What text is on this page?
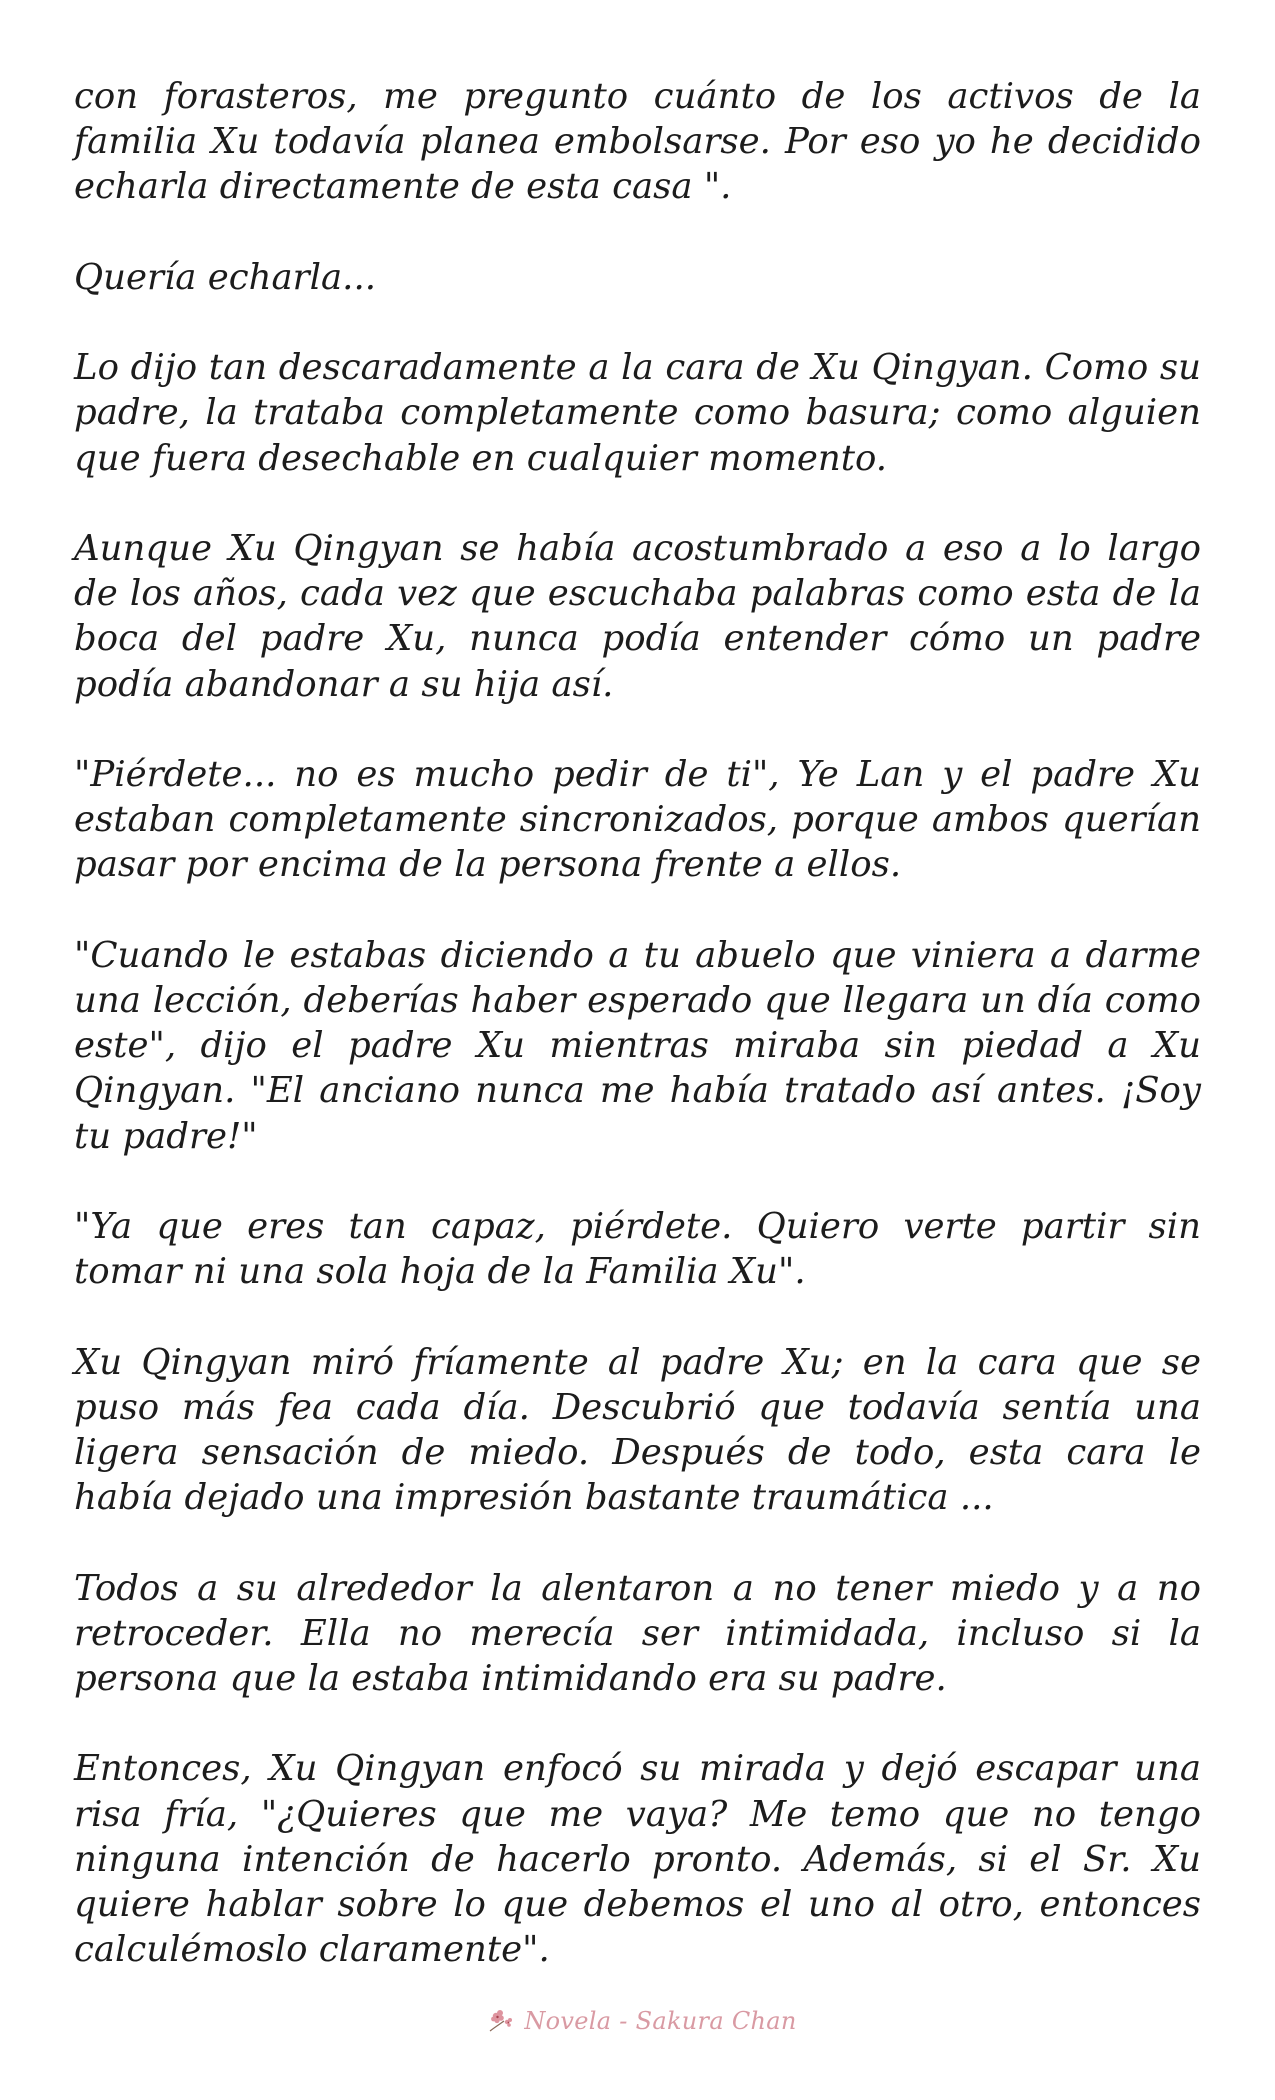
con forasteros, me pregunto cuánto de los activos de la familia Xu todavía planea embolsarse. Por eso yo he decidido echarla directamente de esta casa ".

Quería echarla...

Lo dijo tan descaradamente a la cara de Xu Qingyan. Como su padre, la trataba completamente como basura; como alguien que fuera desechable en cualquier momento.

Aunque Xu Qingyan se había acostumbrado a eso a lo largo de los años, cada vez que escuchaba palabras como esta de la boca del padre Xu, nunca podía entender cómo un padre podía abandonar a su hija así.

"Piérdete... no es mucho pedir de ti", Ye Lan y el padre Xu estaban completamente sincronizados, porque ambos querían pasar por encima de la persona frente a ellos.

"Cuando le estabas diciendo a tu abuelo que viniera a darme una lección, deberías haber esperado que llegara un día como este", dijo el padre Xu mientras miraba sin piedad a Xu Qingyan. "El anciano nunca me había tratado así antes. ¡Soy tu padre!"

"Ya que eres tan capaz, piérdete. Quiero verte partir sin tomar ni una sola hoja de la Familia Xu".

Xu Qingyan miró fríamente al padre Xu; en la cara que se puso más fea cada día. Descubrió que todavía sentía una ligera sensación de miedo. Después de todo, esta cara le había dejado una impresión bastante traumática ...

Todos a su alrededor la alentaron a no tener miedo y a no retroceder. Ella no merecía ser intimidada, incluso si la persona que la estaba intimidando era su padre.

Entonces, Xu Qingyan enfocó su mirada y dejó escapar una risa fría, "¿Quieres que me vaya? Me temo que no tengo ninguna intención de hacerlo pronto. Además, si el Sr. Xu quiere hablar sobre lo que debemos el uno al otro, entonces calculémoslo claramente".

Novela - Sakura Chan
